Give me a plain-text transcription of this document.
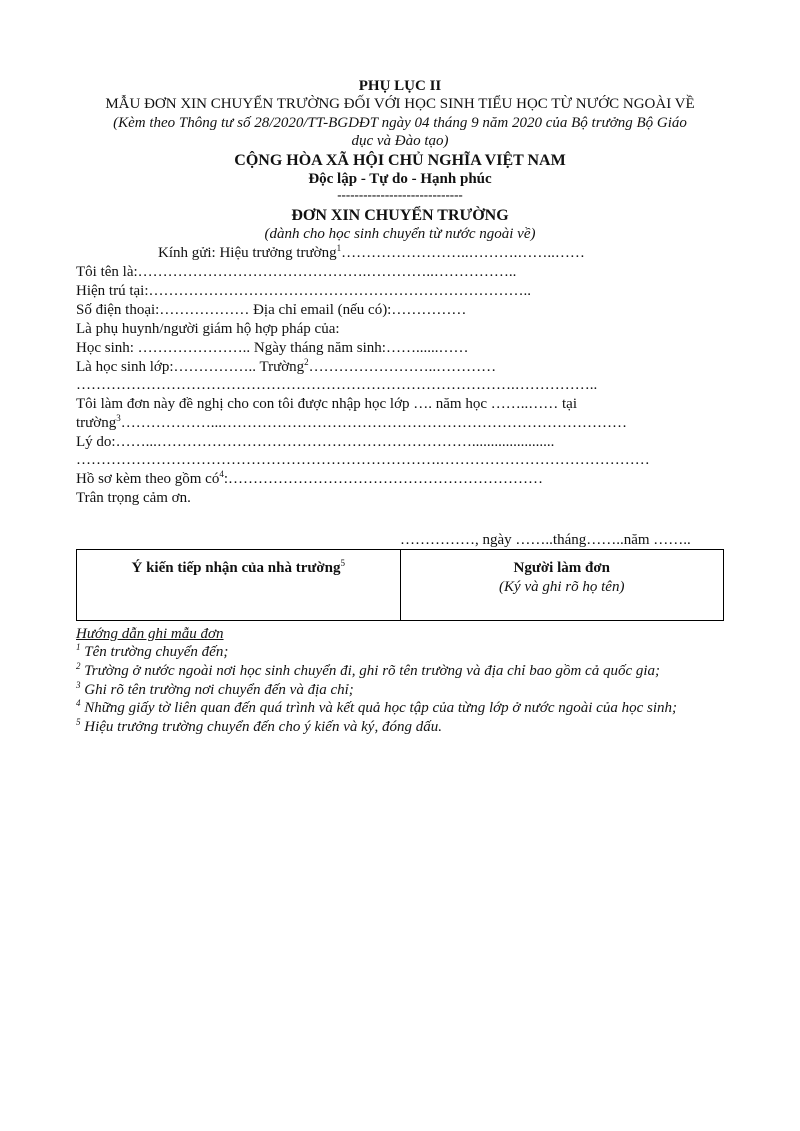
PHỤ LỤC II
MẪU ĐƠN XIN CHUYỂN TRƯỜNG ĐỐI VỚI HỌC SINH TIỂU HỌC TỪ NƯỚC NGOÀI VỀ
(Kèm theo Thông tư số 28/2020/TT-BGDĐT ngày 04 tháng 9 năm 2020 của Bộ trưởng Bộ Giáo
dục và Đào tạo)
CỘNG HÒA XÃ HỘI CHỦ NGHĨA VIỆT NAM
Độc lập - Tự do - Hạnh phúc
-----------------------------
ĐƠN XIN CHUYỂN TRƯỜNG
(dành cho học sinh chuyển từ nước ngoài về)
Kính gửi: Hiệu trưởng trường$^1$……………………..……….……..……
Tôi tên là:……………………………………….…………..……………..
Hiện trú tại:…………………………………………………………………..
Số điện thoại:……………… Địa chỉ email (nếu có):……………
Là phụ huynh/người giám hộ hợp pháp của:
Học sinh: ………………….. Ngày tháng năm sinh:……......……
Là học sinh lớp:…………….. Trường$^2$……………………..…………
…………………………………………………………………………….……………..
Tôi làm đơn này đề nghị cho con tôi được nhập học lớp …. năm học ……..…… tại
trường$^3$………………...………………………………………………………………………
Lý do:……...………………………………………………………......................
……………………………………………………………….……………………………………
Hồ sơ kèm theo gồm $có^4:\dots\dots\dots\dots\dots\dots\dots\dots\dots\dots\dots\dots\dots\dots\dots\dots\dots\dots\dots\dots\dots$
Trân trọng cảm ơn.
……………, ngày ……..tháng……..năm ……..
Ý kiến tiếp nhận của nhà trường$^5$	Người làm đơn
(Ký và ghi rõ họ tên)
Hướng dẫn ghi mẫu đơn
$^1$ Tên trường chuyển đến;
$^2$ Trường ở nước ngoài nơi học sinh chuyển đi, ghi rõ tên trường và địa chỉ bao gồm cả quốc gia;
$^3$ Ghi rõ tên trường nơi chuyển đến và địa chỉ;
$^4$ Những giấy tờ liên quan đến quá trình và kết quả học tập của từng lớp ở nước ngoài của học sinh;
$^5$ Hiệu trưởng trường chuyển đến cho ý kiến và ký, đóng dấu.
